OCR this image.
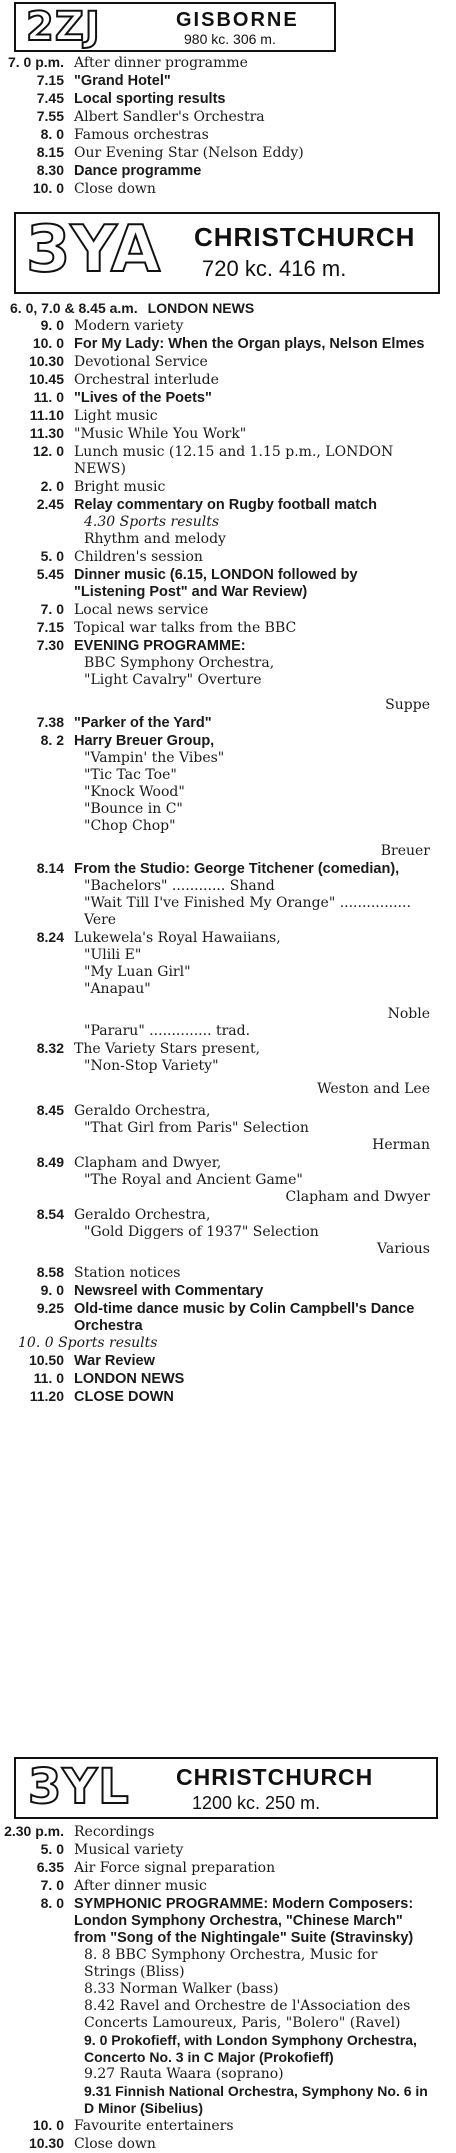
2ZJ	GISBORNE
980 kc. 306 m.
7. 0 p.m. After dinner programme
7.15 "Grand Hotel"
7.45 Local sporting results
7.55 Albert Sandler's Orchestra
8. 0 Famous orchestras
8.15 Our Evening Star (Nelson Eddy)
8.30 Dance programme
10. 0 Close down
3YA CHRISTCHURCH
720 kc. 416 m.
6. 0, 7.0 & 8.45 a.m. LONDON NEWS
9. 0 Modern variety
10. 0 For My Lady: When the Organ plays, Nelson Elmes
10.30 Devotional Service
10.45 Orchestral interlude
11. 0 "Lives of the Poets"
11.10 Light music
11.30 "Music While You Work"
12. 0 Lunch music (12.15 and 1.15 p.m., LONDON NEWS)
2. 0 Bright music
2.45 Relay commentary on Rugby football match
4.30 Sports results
Rhythm and melody
5. 0 Children's session
5.45 Dinner music (6.15, LONDON followed by "Listening Post" and War Review)
7. 0 Local news service
7.15 Topical war talks from the BBC
7.30 EVENING PROGRAMME:
BBC Symphony Orchestra,
"Light Cavalry" Overture
Suppe
7.38 "Parker of the Yard"
8. 2 Harry Breuer Group,
"Vampin' the Vibes"
"Tic Tac Toe"
"Knock Wood"
"Bounce in C"
"Chop Chop"
Breuer
8.14 From the Studio: George Titchener (comedian),
"Bachelors" ............ Shand
"Wait Till I've Finished My Orange" ................ Vere
8.24 Lukewela's Royal Hawaiians,
"Ulili E"
"My Luan Girl"
"Anapau"
Noble
"Pararu" .............. trad.
8.32 The Variety Stars present,
"Non-Stop Variety"
Weston and Lee
8.45 Geraldo Orchestra,
"That Girl from Paris" Selection
Herman
8.49 Clapham and Dwyer,
"The Royal and Ancient Game"
Clapham and Dwyer
8.54 Geraldo Orchestra,
"Gold Diggers of 1937" Selection
Various
8.58 Station notices
9. 0 Newsreel with Commentary
9.25 Old-time dance music by Colin Campbell's Dance Orchestra
10. 0 Sports results
10.50 War Review
11. 0 LONDON NEWS
11.20 CLOSE DOWN
3YL CHRISTCHURCH
1200 kc. 250 m.
2.30 p.m. Recordings
5. 0 Musical variety
6.35 Air Force signal preparation
7. 0 After dinner music
8. 0 SYMPHONIC PROGRAMME: Modern Composers: London Symphony Orchestra, "Chinese March" from "Song of the Nightingale" Suite (Stravinsky)
8. 8 BBC Symphony Orchestra, Music for Strings (Bliss)
8.33 Norman Walker (bass)
8.42 Ravel and Orchestre de l'Association des Concerts Lamoureux, Paris, "Bolero" (Ravel)
9. 0 Prokofieff, with London Symphony Orchestra, Concerto No. 3 in C Major (Prokofieff)
9.27 Rauta Waara (soprano)
9.31 Finnish National Orchestra, Symphony No. 6 in D Minor (Sibelius)
10. 0 Favourite entertainers
10.30 Close down
